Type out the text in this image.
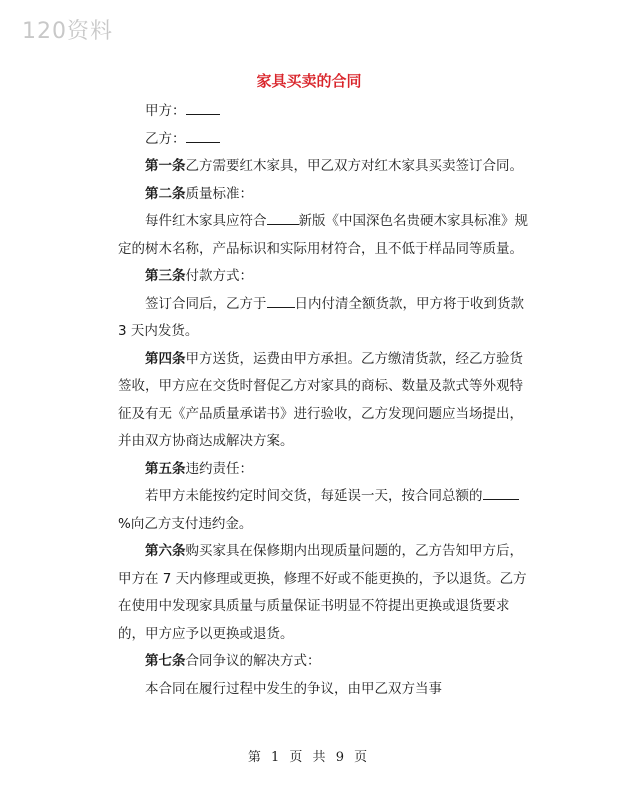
120资料
家具买卖的合同

甲方：

乙方：

第一条乙方需要红木家具，甲乙双方对红木家具买卖签订合同。

第二条质量标准：

每件红木家具应符合 新版《中国深色名贵硬木家具标准》规定的树木名称，产品标识和实际用材符合，且不低于样品同等质量。

第三条付款方式：

签订合同后，乙方于 日内付清全额货款，甲方将于收到货款 3 天内发货。

第四条甲方送货，运费由甲方承担。乙方缴清货款，经乙方验货签收，甲方应在交货时督促乙方对家具的商标、数量及款式等外观特征及有无《产品质量承诺书》进行验收，乙方发现问题应当场提出，并由双方协商达成解决方案。

第五条违约责任：

若甲方未能按约定时间交货，每延误一天，按合同总额的%向乙方支付违约金。

第六条购买家具在保修期内出现质量问题的，乙方告知甲方后，甲方在 7 天内修理或更换，修理不好或不能更换的，予以退货。乙方在使用中发现家具质量与质量保证书明显不符提出更换或退货要求的，甲方应予以更换或退货。

第七条合同争议的解决方式：

本合同在履行过程中发生的争议，由甲乙双方当事

第 1 页 共 9 页
